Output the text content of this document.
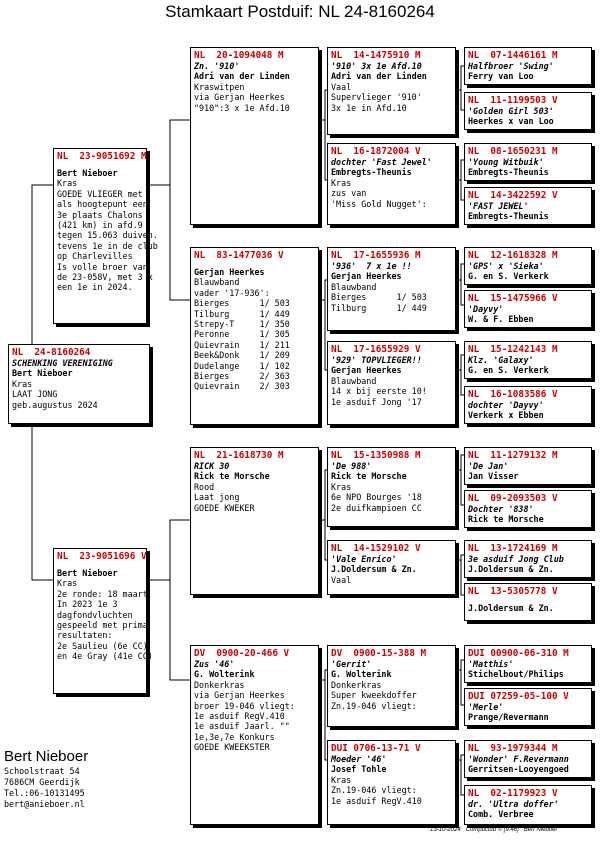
Stamkaart Postduif: NL 24-8160264
NL  24-8160264
SCHENKING VERENIGING
Bert Nieboer
Kras
LAAT JONG
geb.augustus 2024
NL  23-9051692 M
Bert Nieboer
Kras
GOEDE VLIEGER met
als hoogtepunt een
3e plaats Chalons
(421 km) in afd.9
tegen 15.063 duiven.
tevens 1e in de club
op Charlevilles
Is volle broer van
de 23-058V, met 3 x
een 1e in 2024.
NL  23-9051696 V
Bert Nieboer
Kras
2e ronde: 18 maart
In 2023 1e 3
dagfondvluchten
gespeeld met prima
resultaten:
2e Saulieu (6e CC)
en 4e Gray (41e CC)
NL  20-1094048 M
Zn. '910'
Adri van der Linden
Kraswitpen
via Gerjan Heerkes
"910":3 x 1e Afd.10
NL  83-1477036 V
Gerjan Heerkes
Blauwband
vader '17-936':
Bierges      1/ 503
Tilburg      1/ 449
Strepy-T     1/ 350
Peronne      1/ 305
Quievrain    1/ 211
Beek&Donk    1/ 209
Dudelange    1/ 102
Bierges      2/ 363
Quievrain    2/ 303
NL  21-1618730 M
RICK 30
Rick te Morsche
Rood
Laat jong
GOEDE KWEKER
DV  0900-20-466 V
Zus '46'
G. Wolterink
Donkerkras
via Gerjan Heerkes
broer 19-046 vliegt:
1e asduif RegV.410
1e asduif Jaarl. ""
1e,3e,7e Konkurs
GOEDE KWEEKSTER
NL  14-1475910 M
'910' 3x 1e Afd.10
Adri van der Linden
Vaal
Supervlieger '910'
3x 1e in Afd.10
NL  16-1872004 V
dochter 'Fast Jewel'
Embregts-Theunis
Kras
zus van
'Miss Gold Nugget':
NL  17-1655936 M
'936'  7 x 1e !!
Gerjan Heerkes
Blauwband
Bierges      1/ 503
Tilburg      1/ 449
NL  17-1655929 V
'929' TOPVLIEGER!!
Gerjan Heerkes
Blauwband
14 x bij eerste 10!
1e asduif Jong '17
NL  15-1350988 M
'De 988'
Rick te Morsche
Kras
6e NPO Bourges '18
2e duifkampioen CC
NL  14-1529102 V
'Vale Enrico'
J.Doldersum & Zn.
Vaal
DV  0900-15-388 M
'Gerrit'
G. Wolterink
Donkerkras
Super kweekdoffer
Zn.19-046 vliegt:
DUI 0706-13-71 V
Moeder '46'
Josef Tohle
Kras
Zn.19-046 vliegt:
1e asduif RegV.410
NL  07-1446161 M
Halfbroer 'Swing'
Ferry van Loo
NL  11-1199503 V
'Golden Girl 503'
Heerkes x van Loo
NL  08-1650231 M
'Young Witbuik'
Embregts-Theunis
NL  14-3422592 V
'FAST JEWEL'
Embregts-Theunis
NL  12-1618328 M
'GPS' x 'Sieka'
G. en S. Verkerk
NL  15-1475966 V
'Dayvy'
W. & F. Ebben
NL  15-1242143 M
Klz. 'Galaxy'
G. en S. Verkerk
NL  16-1083586 V
dochter 'Dayvy'
Verkerk x Ebben
NL  11-1279132 M
'De Jan'
Jan Visser
NL  09-2093503 V
Dochter '838'
Rick te Morsche
NL  13-1724169 M
3e asduif Jong Club
J.Doldersum & Zn.
NL  13-5305778 V
J.Doldersum & Zn.
DUI 00900-06-310 M
'Matthis'
Stichelbout/Philips
DUI 07259-05-100 V
'Merle'
Prange/Revermann
NL  93-1979344 M
'Wonder' F.Revermann
Gerritsen-Looyengoed
NL  02-1179923 V
dr. 'Ultra doffer'
Comb. Verbree
Bert Nieboer
Schoolstraat 54
7686CM Geerdijk
Tel.:06-10131495
bert@anieboer.nl
13-10-2024   Compuclub © [9.46]   Bert Nieboer
